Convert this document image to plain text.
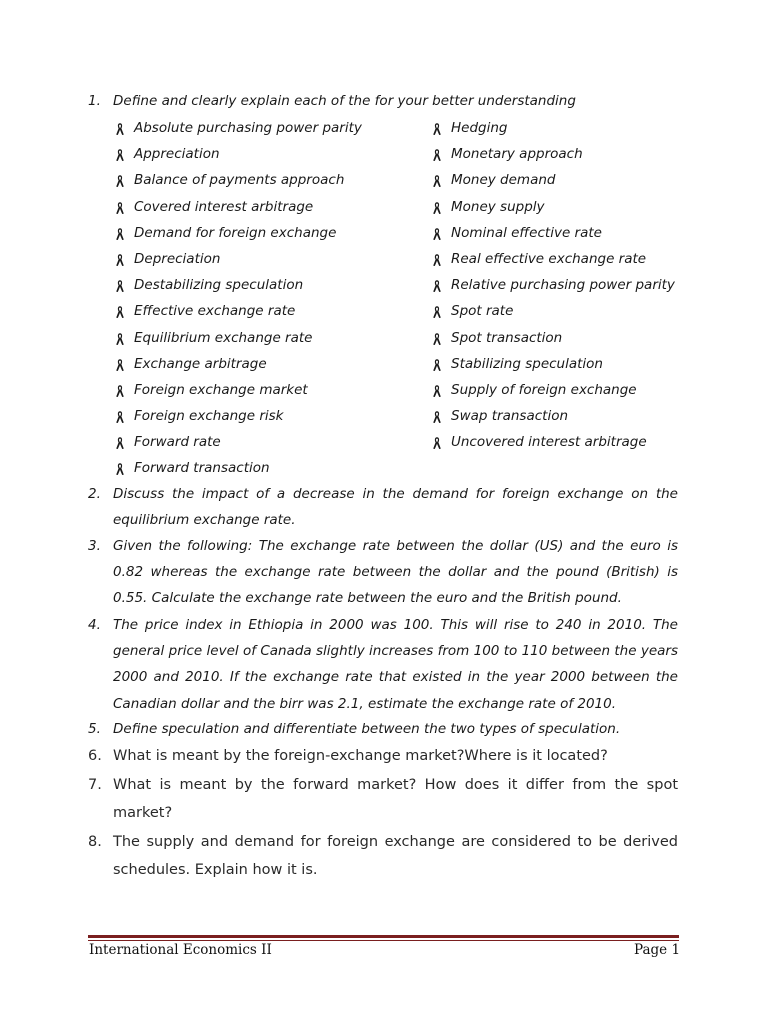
1. Define and clearly explain each of the for your better understanding
Absolute purchasing power parity
Appreciation
Balance of payments approach
Covered interest arbitrage
Demand for foreign exchange
Depreciation
Destabilizing speculation
Effective exchange rate
Equilibrium exchange rate
Exchange arbitrage
Foreign exchange market
Foreign exchange risk
Forward rate
Forward transaction
Hedging
Monetary approach
Money demand
Money supply
Nominal effective rate
Real effective exchange rate
Relative purchasing power parity
Spot rate
Spot transaction
Stabilizing speculation
Supply of foreign exchange
Swap transaction
Uncovered interest arbitrage
2. Discuss the impact of a decrease in the demand for foreign exchange on the equilibrium exchange rate.
3. Given the following: The exchange rate between the dollar (US) and the euro is 0.82 whereas the exchange rate between the dollar and the pound (British) is 0.55. Calculate the exchange rate between the euro and the British pound.
4. The price index in Ethiopia in 2000 was 100. This will rise to 240 in 2010. The general price level of Canada slightly increases from 100 to 110 between the years 2000 and 2010. If the exchange rate that existed in the year 2000 between the Canadian dollar and the birr was 2.1, estimate the exchange rate of 2010.
5. Define speculation and differentiate between the two types of speculation.
6. What is meant by the foreign-exchange market?Where is it located?
7. What is meant by the forward market? How does it differ from the spot market?
8. The supply and demand for foreign exchange are considered to be derived schedules. Explain how it is.
International Economics II	Page 1
